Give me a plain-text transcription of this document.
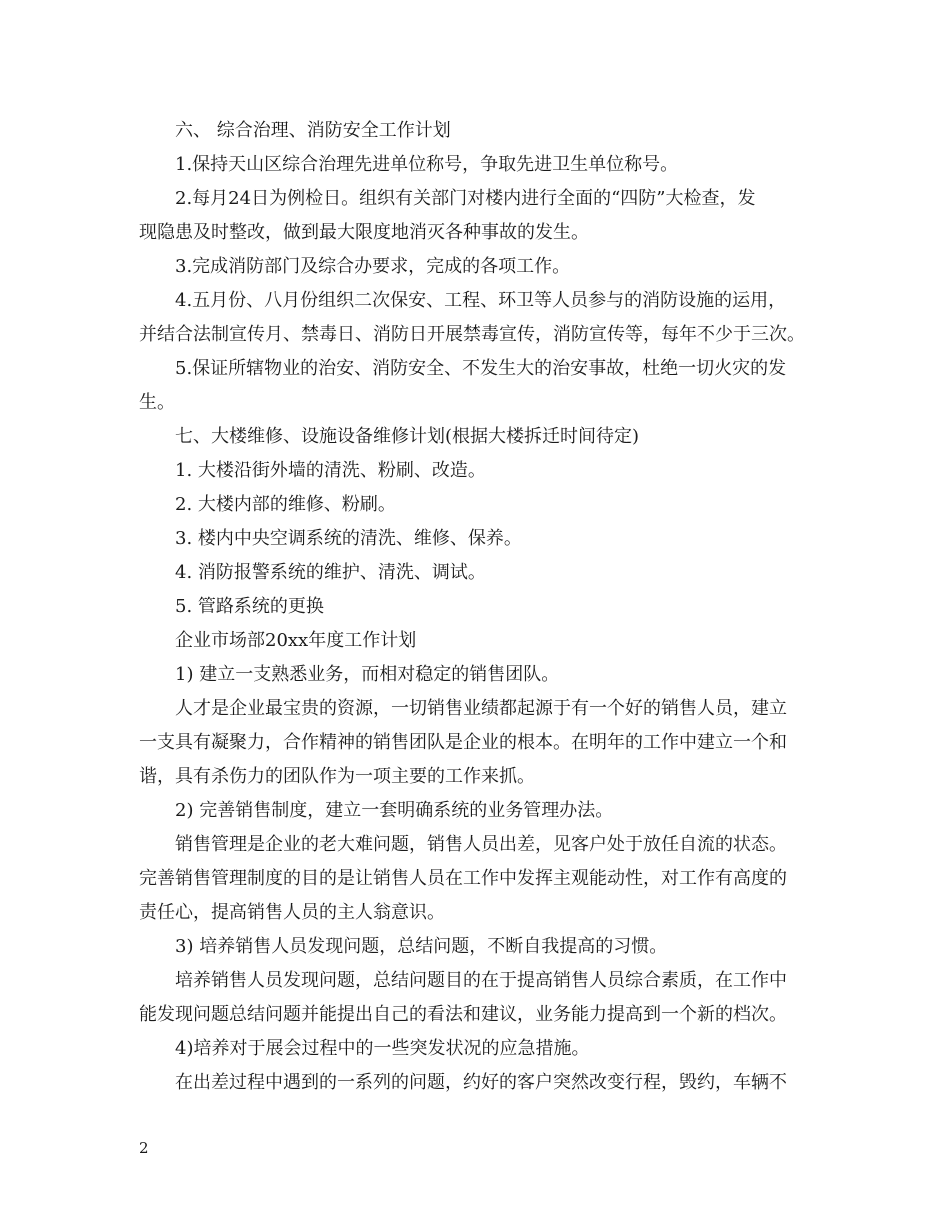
六、 综合治理、消防安全工作计划
1.保持天山区综合治理先进单位称号，争取先进卫生单位称号。
2.每月24日为例检日。组织有关部门对楼内进行全面的“四防”大检查，发
现隐患及时整改，做到最大限度地消灭各种事故的发生。
3.完成消防部门及综合办要求，完成的各项工作。
4.五月份、八月份组织二次保安、工程、环卫等人员参与的消防设施的运用，
并结合法制宣传月、禁毒日、消防日开展禁毒宣传，消防宣传等，每年不少于三次。
5.保证所辖物业的治安、消防安全、不发生大的治安事故，杜绝一切火灾的发
生。
七、大楼维修、设施设备维修计划(根据大楼拆迁时间待定)
1. 大楼沿街外墙的清洗、粉刷、改造。
2. 大楼内部的维修、粉刷。
3. 楼内中央空调系统的清洗、维修、保养。
4. 消防报警系统的维护、清洗、调试。
5. 管路系统的更换
企业市场部20xx年度工作计划
1) 建立一支熟悉业务，而相对稳定的销售团队。
人才是企业最宝贵的资源，一切销售业绩都起源于有一个好的销售人员，建立
一支具有凝聚力，合作精神的销售团队是企业的根本。在明年的工作中建立一个和
谐，具有杀伤力的团队作为一项主要的工作来抓。
2) 完善销售制度，建立一套明确系统的业务管理办法。
销售管理是企业的老大难问题，销售人员出差，见客户处于放任自流的状态。
完善销售管理制度的目的是让销售人员在工作中发挥主观能动性，对工作有高度的
责任心，提高销售人员的主人翁意识。
3) 培养销售人员发现问题，总结问题，不断自我提高的习惯。
培养销售人员发现问题，总结问题目的在于提高销售人员综合素质，在工作中
能发现问题总结问题并能提出自己的看法和建议，业务能力提高到一个新的档次。
4)培养对于展会过程中的一些突发状况的应急措施。
在出差过程中遇到的一系列的问题，约好的客户突然改变行程，毁约，车辆不
2
